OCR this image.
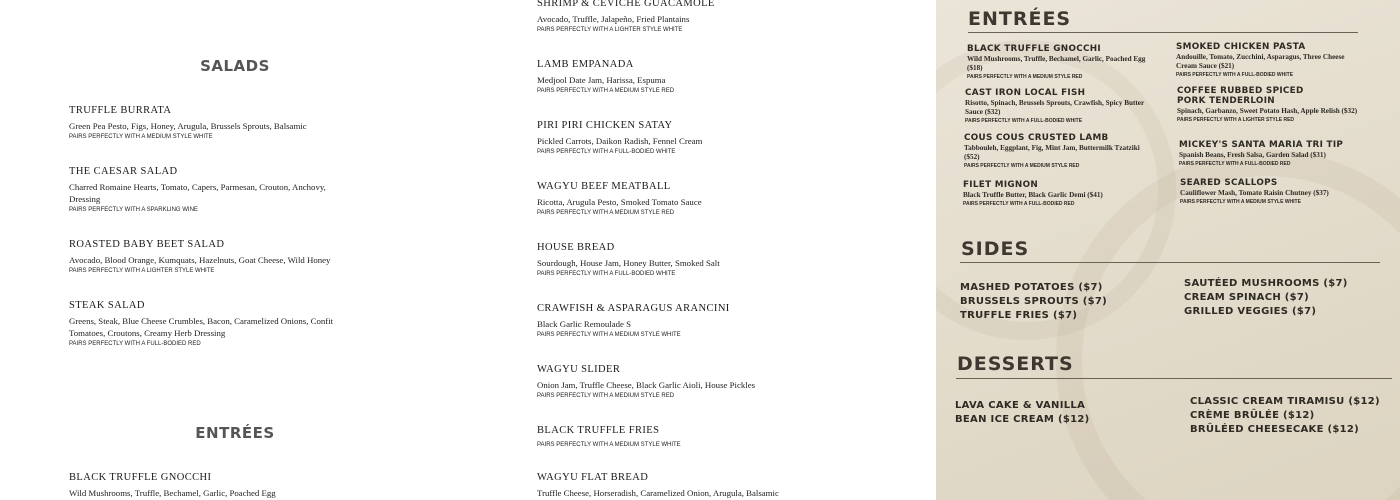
SALADS
TRUFFLE BURRATA
Green Pea Pesto, Figs, Honey, Arugula, Brussels Sprouts, Balsamic
PAIRS PERFECTLY WITH A MEDIUM STYLE WHITE
THE CAESAR SALAD
Charred Romaine Hearts, Tomato, Capers, Parmesan, Crouton, Anchovy, Dressing
PAIRS PERFECTLY WITH A SPARKLING WINE
ROASTED BABY BEET SALAD
Avocado, Blood Orange, Kumquats, Hazelnuts, Goat Cheese, Wild Honey
PAIRS PERFECTLY WITH A LIGHTER STYLE WHITE
STEAK SALAD
Greens, Steak, Blue Cheese Crumbles, Bacon, Caramelized Onions, Confit Tomatoes, Croutons, Creamy Herb Dressing
PAIRS PERFECTLY WITH A FULL-BODIED RED
ENTRÉES
BLACK TRUFFLE GNOCCHI
Wild Mushrooms, Truffle, Bechamel, Garlic, Poached Egg
SHRIMP & CEVICHE GUACAMOLE
Avocado, Truffle, Jalapeño, Fried Plantains
PAIRS PERFECTLY WITH A LIGHTER STYLE WHITE
LAMB EMPANADA
Medjool Date Jam, Harissa, Espuma
PAIRS PERFECTLY WITH A MEDIUM STYLE RED
PIRI PIRI CHICKEN SATAY
Pickled Carrots, Daikon Radish, Fennel Cream
PAIRS PERFECTLY WITH A FULL-BODIED WHITE
WAGYU BEEF MEATBALL
Ricotta, Arugula Pesto, Smoked Tomato Sauce
PAIRS PERFECTLY WITH A MEDIUM STYLE RED
HOUSE BREAD
Sourdough, House Jam, Honey Butter, Smoked Salt
PAIRS PERFECTLY WITH A FULL-BODIED WHITE
CRAWFISH & ASPARAGUS ARANCINI
Black Garlic Remoulade S
PAIRS PERFECTLY WITH A MEDIUM STYLE WHITE
WAGYU SLIDER
Onion Jam, Truffle Cheese, Black Garlic Aioli, House Pickles
PAIRS PERFECTLY WITH A MEDIUM STYLE RED
BLACK TRUFFLE FRIES
PAIRS PERFECTLY WITH A MEDIUM STYLE WHITE
WAGYU FLAT BREAD
Truffle Cheese, Horseradish, Caramelized Onion, Arugula, Balsamic
ENTRÉES
BLACK TRUFFLE GNOCCHI
Wild Mushrooms, Truffle, Bechamel, Garlic, Poached Egg ($18)
PAIRS PERFECTLY WITH A MEDIUM STYLE RED
CAST IRON LOCAL FISH
Risotto, Spinach, Brussels Sprouts, Crawfish, Spicy Butter Sauce ($32)
PAIRS PERFECTLY WITH A FULL-BODIED WHITE
COUS COUS CRUSTED LAMB
Tabbouleh, Eggplant, Fig, Mint Jam, Buttermilk Tzatziki ($52)
PAIRS PERFECTLY WITH A MEDIUM STYLE RED
FILET MIGNON
Black Truffle Butter, Black Garlic Demi ($41)
PAIRS PERFECTLY WITH A FULL-BODIED RED
SMOKED CHICKEN PASTA
Andouille, Tomato, Zucchini, Asparagus, Three Cheese Cream Sauce ($21)
PAIRS PERFECTLY WITH A FULL-BODIED WHITE
COFFEE RUBBED SPICED PORK TENDERLOIN
Spinach, Garbanzo, Sweet Potato Hash, Apple Relish ($32)
PAIRS PERFECTLY WITH A LIGHTER STYLE RED
MICKEY'S SANTA MARIA TRI TIP
Spanish Beans, Fresh Salsa, Garden Salad ($31)
PAIRS PERFECTLY WITH A FULL-BODIED RED
SEARED SCALLOPS
Cauliflower Mash, Tomato Raisin Chutney ($37)
PAIRS PERFECTLY WITH A MEDIUM STYLE WHITE
SIDES
MASHED POTATOES ($7)
BRUSSELS SPROUTS ($7)
TRUFFLE FRIES ($7)
SAUTÉED MUSHROOMS ($7)
CREAM SPINACH ($7)
GRILLED VEGGIES ($7)
DESSERTS
LAVA CAKE & VANILLA
BEAN ICE CREAM ($12)
CLASSIC CREAM TIRAMISU ($12)
CRÈME BRÛLÉE ($12)
BRÛLÉED CHEESECAKE ($12)
